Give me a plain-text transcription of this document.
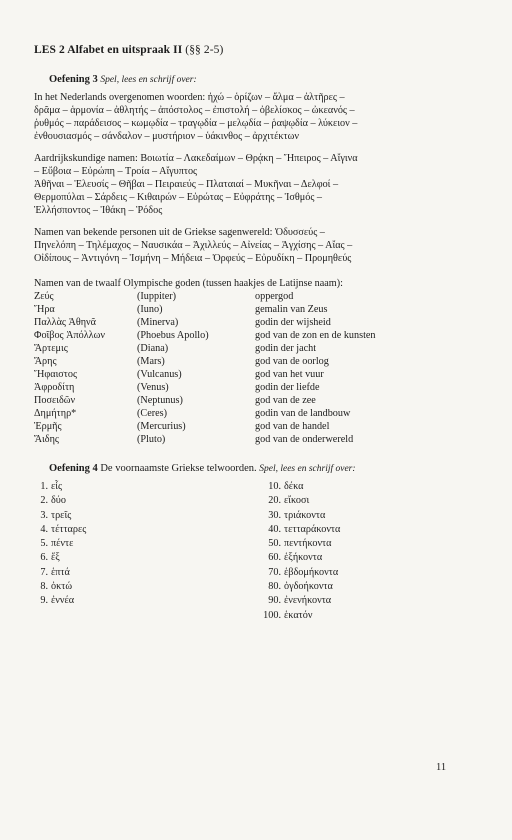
LES 2 Alfabet en uitspraak II (§§ 2-5)
Oefening 3 Spel, lees en schrijf over:

In het Nederlands overgenomen woorden: ἠχώ – ὁρίζων – ἄλμα – ἀλτῆρες –
δρᾶμα – ἁρμονία – ἀθλητής – ἀπόστολος – ἐπιστολή – ὀβελίσκος – ὠκεανός –
ῥυθμός – παράδεισος – κωμῳδία – τραγῳδία – μελῳδία – ῥαψῳδία – λύκειον –
ἐνθουσιασμός – σάνδαλον – μυστήριον – ὑάκινθος – ἀρχιτέκτων

Aardrijkskundige namen: Βοιωτία – Λακεδαίμων – Θρᾴκη – Ἤπειρος – Αἴγινα
– Εὔβοια – Εὐρώπη – Τροία – Αἴγυπτος
Ἀθῆναι – Ἐλευσίς – Θῆβαι – Πειραιεύς – Πλαταιαί – Μυκῆναι – Δελφοί –
Θερμοπύλαι – Σάρδεις – Κιθαιρών – Εὐρώτας – Εὐφράτης – Ἰσθμός –
Ἑλλήσποντος – Ἰθάκη – Ῥόδος

Namen van bekende personen uit de Griekse sagenwereld: Ὀδυσσεύς –
Πηνελόπη – Τηλέμαχος – Ναυσικάα – Ἀχιλλεύς – Αἰνείας – Ἀγχίσης – Αἴας –
Οἰδίπους – Ἀντιγόνη – Ἰσμήνη – Μήδεια – Ὀρφεύς – Εὐρυδίκη – Προμηθεύς

Namen van de twaalf Olympische goden (tussen haakjes de Latijnse naam):
Ζεύς	(Iuppiter)	oppergod
Ἥρα	(Iuno)	gemalin van Zeus
Παλλὰς Ἀθηνᾶ	(Minerva)	godin der wijsheid
Φοῖβος Ἀπόλλων	(Phoebus Apollo)	god van de zon en de kunsten
Ἄρτεμις	(Diana)	godin der jacht
Ἄρης	(Mars)	god van de oorlog
Ἥφαιστος	(Vulcanus)	god van het vuur
Ἀφροδίτη	(Venus)	godin der liefde
Ποσειδῶν	(Neptunus)	god van de zee
Δημήτηρ*	(Ceres)	godin van de landbouw
Ἑρμῆς	(Mercurius)	god van de handel
Ἅιδης	(Pluto)	god van de onderwereld
Oefening 4 De voornaamste Griekse telwoorden. Spel, lees en schrijf over:
1.	εἷς	10.	δέκα
2.	δύο	20.	εἴκοσι
3.	τρεῖς	30.	τριάκοντα
4.	τέτταρες	40.	τετταράκοντα
5.	πέντε	50.	πεντήκοντα
6.	ἕξ	60.	ἑξήκοντα
7.	ἑπτά	70.	ἑβδομήκοντα
8.	ὀκτώ	80.	ὀγδοήκοντα
9.	ἐννέα	90.	ἐνενήκοντα
		100.	ἑκατόν
11
